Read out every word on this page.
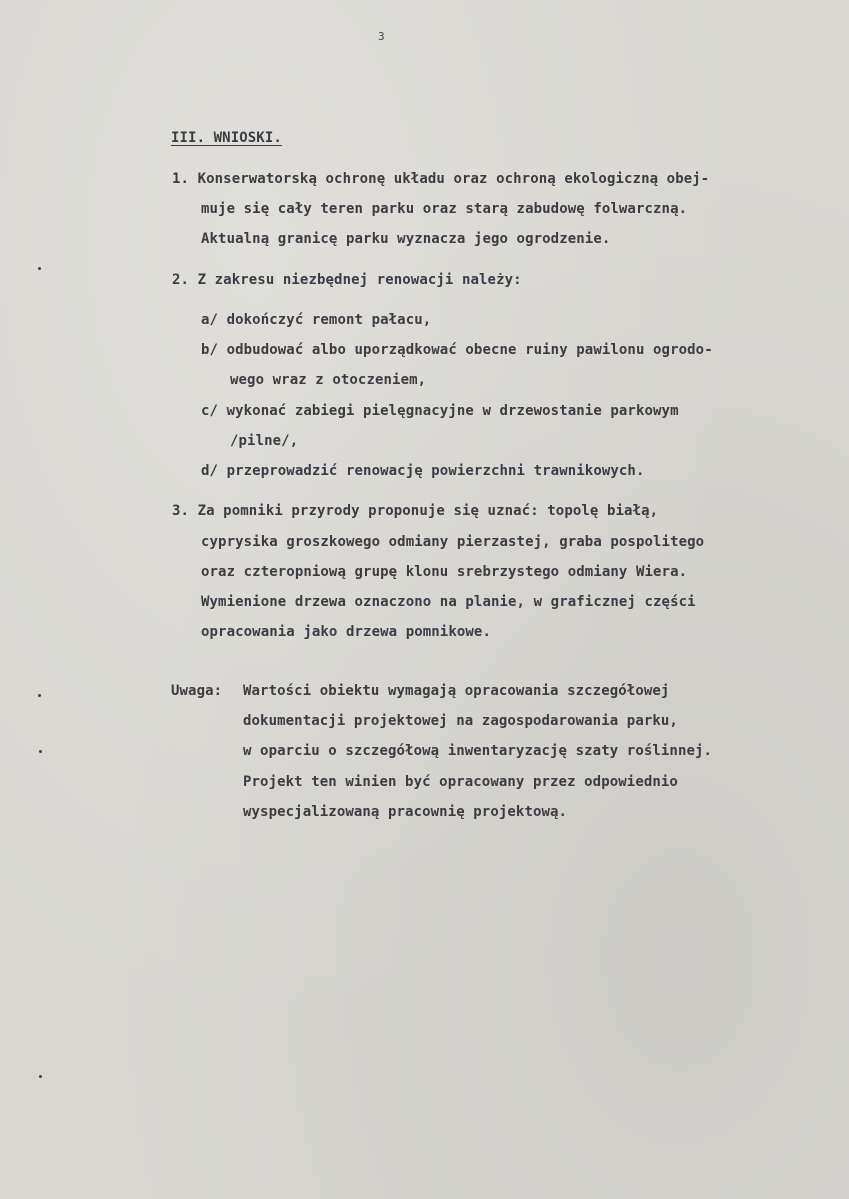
3
III. WNIOSKI.
1. Konserwatorską ochronę układu oraz ochroną ekologiczną obej-
muje się cały teren parku oraz starą zabudowę folwarczną.
Aktualną granicę parku wyznacza jego ogrodzenie.
2. Z zakresu niezbędnej renowacji należy:
a/ dokończyć remont pałacu,
b/ odbudować albo uporządkować obecne ruiny pawilonu ogrodo-
wego wraz z otoczeniem,
c/ wykonać zabiegi pielęgnacyjne w drzewostanie parkowym
/pilne/,
d/ przeprowadzić renowację powierzchni trawnikowych.
3. Za pomniki przyrody proponuje się uznać: topolę białą,
cyprysika groszkowego odmiany pierzastej, graba pospolitego
oraz czteropniową grupę klonu srebrzystego odmiany Wiera.
Wymienione drzewa oznaczono na planie, w graficznej części
opracowania jako drzewa pomnikowe.
Uwaga: Wartości obiektu wymagają opracowania szczegółowej
dokumentacji projektowej na zagospodarowania parku,
w oparciu o szczegółową inwentaryzację szaty roślinnej.
Projekt ten winien być opracowany przez odpowiednio
wyspecjalizowaną pracownię projektową.
